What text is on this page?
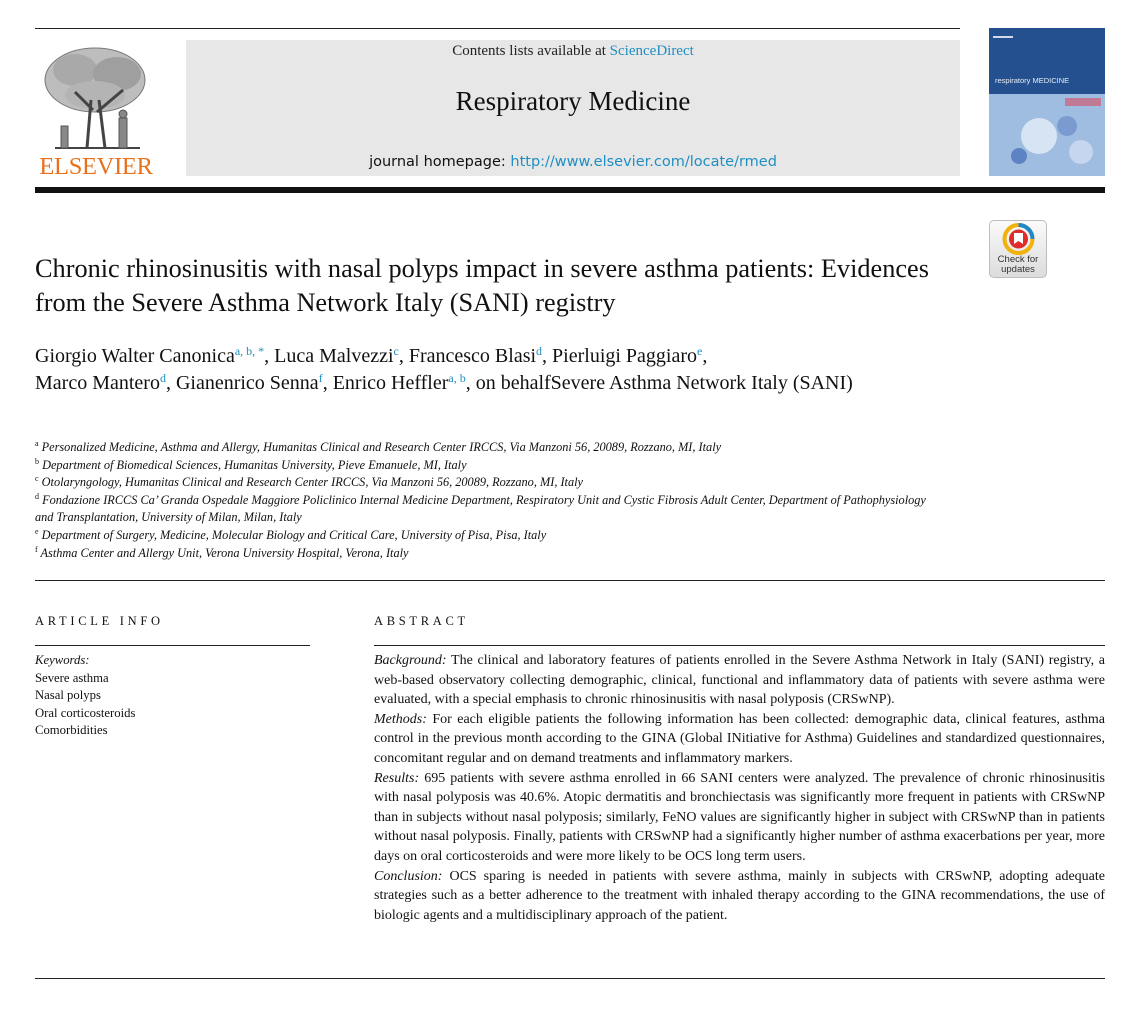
ELSEVIER
Contents lists available at ScienceDirect
Respiratory Medicine
journal homepage: http://www.elsevier.com/locate/rmed
respiratory MEDICINE
Check for updates
Chronic rhinosinusitis with nasal polyps impact in severe asthma patients: Evidences from the Severe Asthma Network Italy (SANI) registry
Giorgio Walter Canonica$^{a, b, *}$, Luca Malvezzi$^c$, Francesco Blasi$^d$, Pierluigi Paggiaro$^e$,
Marco Mantero$^d$, Gianenrico Senna$^f$, Enrico Heffler$^{a, b}$, on behalfSevere Asthma Network Italy (SANI)
$^a$ Personalized Medicine, Asthma and Allergy, Humanitas Clinical and Research Center IRCCS, Via Manzoni 56, 20089, Rozzano, MI, Italy
$^b$ Department of Biomedical Sciences, Humanitas University, Pieve Emanuele, MI, Italy
$^c$ Otolaryngology, Humanitas Clinical and Research Center IRCCS, Via Manzoni 56, 20089, Rozzano, MI, Italy
$^d$ Fondazione IRCCS Ca’ Granda Ospedale Maggiore Policlinico Internal Medicine Department, Respiratory Unit and Cystic Fibrosis Adult Center, Department of Pathophysiology and Transplantation, University of Milan, Milan, Italy
$^e$ Department of Surgery, Medicine, Molecular Biology and Critical Care, University of Pisa, Pisa, Italy
$^f$ Asthma Center and Allergy Unit, Verona University Hospital, Verona, Italy
ARTICLE INFO
Keywords:
Severe asthma
Nasal polyps
Oral corticosteroids
Comorbidities
ABSTRACT

Background: The clinical and laboratory features of patients enrolled in the Severe Asthma Network in Italy (SANI) registry, a web-based observatory collecting demographic, clinical, functional and inflammatory data of patients with severe asthma were evaluated, with a special emphasis to chronic rhinosinusitis with nasal polyposis (CRSwNP).

Methods: For each eligible patients the following information has been collected: demographic data, clinical features, asthma control in the previous month according to the GINA (Global INitiative for Asthma) Guidelines and standardized questionnaires, concomitant regular and on demand treatments and inflammatory markers.

Results: 695 patients with severe asthma enrolled in 66 SANI centers were analyzed. The prevalence of chronic rhinosinusitis with nasal polyposis was 40.6%. Atopic dermatitis and bronchiectasis was significantly more frequent in patients with CRSwNP than in subjects without nasal polyposis; similarly, FeNO values are significantly higher in subject with CRSwNP than in patients without nasal polyposis. Finally, patients with CRSwNP had a significantly higher number of asthma exacerbations per year, more days on oral corticosteroids and were more likely to be OCS long term users.

Conclusion: OCS sparing is needed in patients with severe asthma, mainly in subjects with CRSwNP, adopting adequate strategies such as a better adherence to the treatment with inhaled therapy according to the GINA recommendations, the use of biologic agents and a multidisciplinary approach of the patient.
